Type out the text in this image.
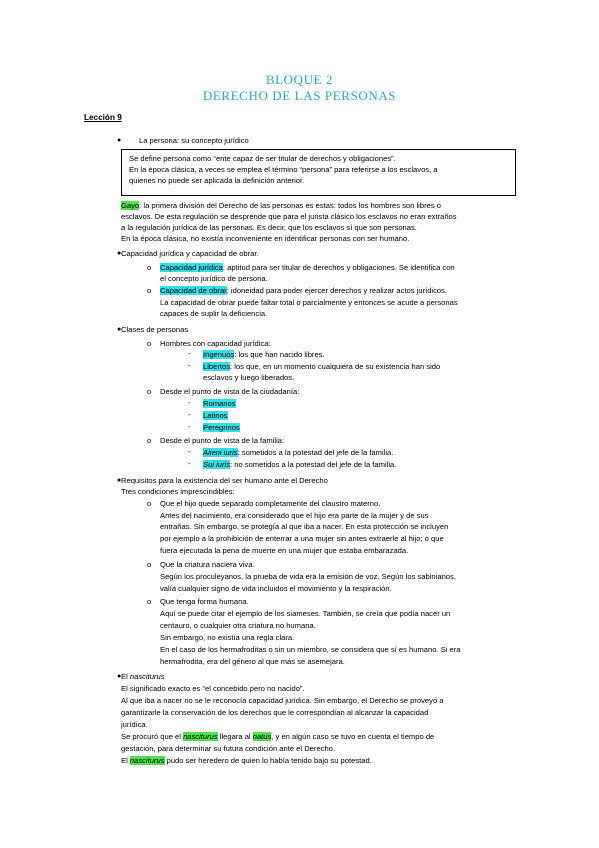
BLOQUE 2
DERECHO DE LAS PERSONAS
Lección 9
● La persona: su concepto jurídico
Se define persona como “ente capaz de ser titular de derechos y obligaciones”.
En la época clásica, a veces se emplea el término “persona” para referirse a los esclavos, a
quienes no puede ser aplicada la definición anterior.
Gayo: la primera división del Derecho de las personas es estas: todos los hombres son libres o
esclavos. De esta regulación se desprende que para el jurista clásico los esclavos no eran extraños
a la regulación jurídica de las personas. Es decir, que los esclavos sí que son personas.
En la época clásica, no existía inconveniente en identificar personas con ser humano.
● Capacidad jurídica y capacidad de obrar.
o Capacidad jurídica: aptitud para ser titular de derechos y obligaciones. Se identifica con
el concepto jurídico de persona.
o Capacidad de obrar: idoneidad para poder ejercer derechos y realizar actos jurídicos.
La capacidad de obrar puede faltar total o parcialmente y entonces se acude a personas
capaces de suplir la deficiencia.
● Clases de personas
o Hombres con capacidad jurídica:
- Ingenuos: los que han nacido libres.
- Libertos: los que, en un momento cualquiera de su existencia han sido
esclavos y luego liberados.
o Desde el punto de vista de la ciudadanía:
- Romanos
- Latinos
- Peregrinos
o Desde el punto de vista de la familia:
- Alieni iuris: sometidos a la potestad del jefe de la familia.
- Sui iuris: no sometidos a la potestad del jefe de la familia.
● Requisitos para la existencia del ser humano ante el Derecho
Tres condiciones imprescindibles:
o Que el hijo quede separado completamente del claustro materno.
Antes del nacimiento, era considerado que el hijo era parte de la mujer y de sus
entrañas. Sin embargo, se protegía al que iba a nacer. En esta protección se incluyen
por ejemplo a la prohibición de enterrar a una mujer sin antes extraerle al hijo; o que
fuera ejecutada la pena de muerte en una mujer que estaba embarazada.
o Que la criatura naciera viva.
Según los proculeyanos, la prueba de vida era la emisión de voz. Según los sabinianos,
valía cualquier signo de vida incluidos el movimiento y la respiración.
o Que tenga forma humana.
Aquí se puede citar el ejemplo de los siameses. También, se creía que podía nacer un
centauro, o cualquier otra criatura no humana.
Sin embargo, no existía una regla clara.
En el caso de los hermafroditas o sin un miembro, se considera que sí es humano. Si era
hermafrodita, era del género al que más se asemejara.
● El nasciturus
El significado exacto es “el concebido pero no nacido”.
Al que iba a nacer no se le reconocía capacidad jurídica. Sin embargo, el Derecho se proveyó a
garantizarle la conservación de los derechos que le correspondían al alcanzar la capacidad
jurídica.
Se procuró que el nasciturus llegara al natus, y en algún caso se tuvo en cuenta el tiempo de
gestación, para determinar su futura condición ante el Derecho.
El nasciturus pudo ser heredero de quien lo había tenido bajo su potestad.
